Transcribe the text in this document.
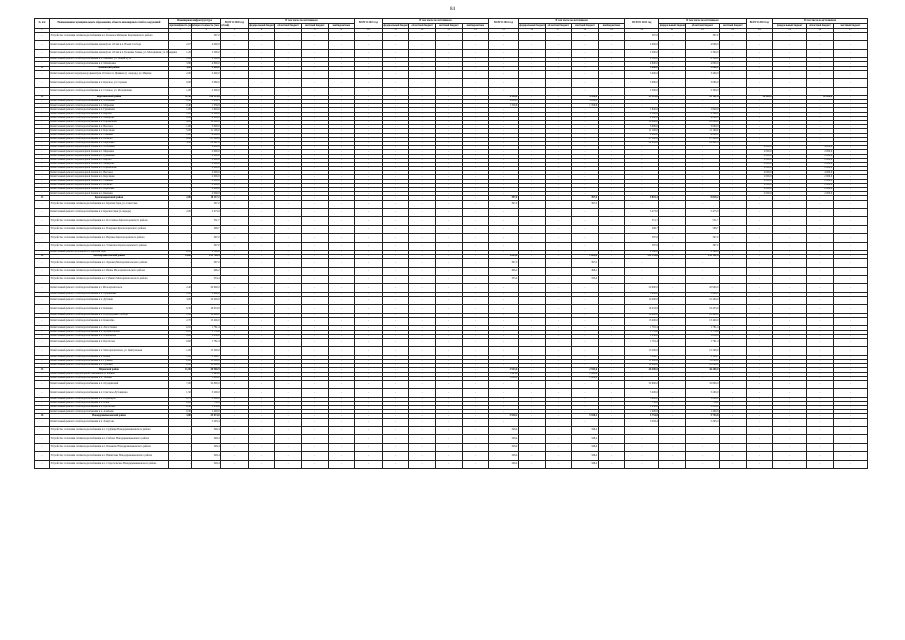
84
№ п/п	Наименование муниципального образования, объекта инженерных сетей и сооружений	Инженерная инфраструктура		ВСЕГО 2020 год	В том числе по источникам				ВСЕГО 2021 год	В том числе по источникам				ВСЕГО 2022 год	В том числе по источникам				ВСЕГО 2023 год	В том числе по источникам			ВСЕГО 2024 год	В том числе по источникам		
		протяжённость (км)	общая стоимость (тыс. рублей)		федеральный бюджет	областной бюджет	местный бюджет	внебюджетные		федеральный бюджет	областной бюджет	местный бюджет	внебюджетные		федеральный бюджет	областной бюджет	местный бюджет	внебюджетные		федеральный бюджет	областной бюджет	местный бюджет		федеральный бюджет	областной бюджет	местный бюджет
1	2	3	4	5	6	7	8	9	10	11	12	13	14	15	16	17	18	19	20	21	22	23	24	25	26	27
-	Устройство отопления сетями водоснабжения в п. Большое Матвеево Корсиковского района	-	397,0	-	-	-	-	-	-	-	-	-	-	-	-	-	-	-	397,0	-	397,0	-	-	-	-	-
-	Капитальный ремонт сетей водоснабжения диаметром 110 мм в п. Новая Слобода	2,07	4 000,0	-	-	-	-	-	-	-	-	-	-	-	-	-	-	-	4 000,0	-	4 000,0	-	-	-	-	-
-	Капитальный ремонт сетей водоснабжения диаметром 110 мм в п. Большие Хлевы, ул. Молодёжная, ул. Правдина	1,20	2 300,0	-	-	-	-	-	-	-	-	-	-	-	-	-	-	-	2 300,0	-	2 300,0	-	-	-	-	-
-	Капитальный ремонт сетей водоснабжения в п. Ливенка, ул. Новый путь	1,00	2 500,0	-	-	-	-	-	-	-	-	-	-	-	-	-	-	-	2 500,0	-	2 500,0	-	-	-	-	-
-	Капитальный ремонт сетей водоснабжения в п. Малиновка	3,80	4 800,0	-	-	-	-	-	-	-	-	-	-	-	-	-	-	-	4 800,0	-	4 800,0	-	-	-	-	-
11	Каменский район	3,00	9 080,0	-	-	-	-	-	-	-	-	-	-	-	-	-	-	-	9 080,0	-	9 080,0	-	-	-	-	-
-	Капитальный ремонт водопровода диаметром 110 мм в п. Привино (1 очередь), ул. Мирная	2,00	3 400,0	-	-	-	-	-	-	-	-	-	-	-	-	-	-	-	3 400,0	-	3 400,0	-	-	-	-	-
-	Капитальный ремонт сетей водоснабжения в п. Красное, ул. Садовая	0,00	3 080,0	-	-	-	-	-	-	-	-	-	-	-	-	-	-	-	3 080,0	-	3 080,0	-	-	-	-	-
-	Капитальный ремонт сетей водоснабжения в п. Степное, ул. Молодёжная	1,00	2 300,0	-	-	-	-	-	-	-	-	-	-	-	-	-	-	-	2 300,0	-	2 300,0	-	-	-	-	-
12	Корсаковский район	31,30	130 114,8	-	-	-	-	-	-	-	-	-	-	4 998,0	-	-	4 998,0	-	95 161,8	-	95 161,8	-	30 000,0	-	30 000,0	-
-	Капитальный ремонт сетей водоснабжения в п. Лобачёвка	0,40	3 638,3	-	-	-	-	-	-	-	-	-	-	3 638,3	-	-	3 638,3	-	-	-	-	-	-	-	-	-
-	Капитальный ремонт сетей водоснабжения в п. Марьевка	0,40	1 359,8	-	-	-	-	-	-	-	-	-	-	1 359,8	-	-	1 359,8	-	-	-	-	-	-	-	-	-
-	Капитальный ремонт сетей водоснабжения в п. Гремячево	1,00	1 820,0	-	-	-	-	-	-	-	-	-	-	-	-	-	-	-	1 820,0	-	1 820,0	-	-	-	-	-
-	Капитальный ремонт сетей водоснабжения в п. Кирово	1,00	2 100,0	-	-	-	-	-	-	-	-	-	-	-	-	-	-	-	2 100,0	-	2 100,0	-	-	-	-	-
-	Капитальный ремонт сетей водоснабжения в п. Макарово	2,00	4 000,0	-	-	-	-	-	-	-	-	-	-	-	-	-	-	-	4 000,0	-	4 000,0	-	-	-	-	-
-	Капитальный ремонт сетей водоснабжения в п. Парамоново	4,00	10 000,0	-	-	-	-	-	-	-	-	-	-	-	-	-	-	-	10 000,0	-	10 000,0	-	-	-	-	-
-	Капитальный ремонт сетей водоснабжения в п. Высокое	1,00	3 000,0	-	-	-	-	-	-	-	-	-	-	-	-	-	-	-	3 000,0	-	3 000,0	-	-	-	-	-
-	Капитальный ремонт сетей водоснабжения в п. Корсаково	5,00	11 100,0	-	-	-	-	-	-	-	-	-	-	-	-	-	-	-	11 100,0	-	11 100,0	-	-	-	-	-
-	Капитальный ремонт сетей водоснабжения в п. Савинки	2,00	4 000,0	-	-	-	-	-	-	-	-	-	-	-	-	-	-	-	4 000,0	-	4 000,0	-	-	-	-	-
-	Капитальный ремонт сетей водоснабжения в п. Бобково	6,00	27 200,0	-	-	-	-	-	-	-	-	-	-	-	-	-	-	-	27 200,0	-	27 200,0	-	-	-	-	-
-	Капитальный ремонт сетей водоснабжения в п. Берёзовка	3,00	22 941,8	-	-	-	-	-	-	-	-	-	-	-	-	-	-	-	22 941,8	-	22 941,8	-	-	-	-	-
-	Капитальный ремонт водонапорной башни в п. Лобачёвка	-	4 000,0	-	-	-	-	-	-	-	-	-	-	-	-	-	-	-	-	-	-	-	4 000,0	-	4 000,0	-
-	Капитальный ремонт водонапорной башни в п. Марьевка	-	2 000,0	-	-	-	-	-	-	-	-	-	-	-	-	-	-	-	-	-	-	-	2 000,0	-	2 000,0	-
-	Капитальный ремонт водонапорной башни в п. Гремячево	-	2 000,0	-	-	-	-	-	-	-	-	-	-	-	-	-	-	-	-	-	-	-	2 000,0	-	2 000,0	-
-	Капитальный ремонт водонапорной башни в п. Кирово	-	2 000,0	-	-	-	-	-	-	-	-	-	-	-	-	-	-	-	-	-	-	-	2 000,0	-	2 000,0	-
-	Капитальный ремонт водонапорной башни в п. Макарово	-	2 000,0	-	-	-	-	-	-	-	-	-	-	-	-	-	-	-	-	-	-	-	2 000,0	-	2 000,0	-
-	Капитальный ремонт водонапорной башни в п. Парамоново	-	2 000,0	-	-	-	-	-	-	-	-	-	-	-	-	-	-	-	-	-	-	-	2 000,0	-	2 000,0	-
-	Капитальный ремонт водонапорной башни в п. Высокое	-	4 000,0	-	-	-	-	-	-	-	-	-	-	-	-	-	-	-	-	-	-	-	4 000,0	-	4 000,0	-
-	Капитальный ремонт водонапорной башни в п. Корсаково	-	2 000,0	-	-	-	-	-	-	-	-	-	-	-	-	-	-	-	-	-	-	-	2 000,0	-	2 000,0	-
-	Капитальный ремонт водонапорной башни в п. Савинки	-	2 000,0	-	-	-	-	-	-	-	-	-	-	-	-	-	-	-	-	-	-	-	2 000,0	-	2 000,0	-
-	Капитальный ремонт водонапорной башни в п. Бобково	-	2 000,0	-	-	-	-	-	-	-	-	-	-	-	-	-	-	-	-	-	-	-	2 000,0	-	2 000,0	-
-	Капитальный ремонт водонапорной башни в п. Берёзовка	-	2 000,0	-	-	-	-	-	-	-	-	-	-	-	-	-	-	-	-	-	-	-	2 000,0	-	2 000,0	-
-	Капитальный ремонт водонапорной башни в п. Каменка	-	2 000,0	-	-	-	-	-	-	-	-	-	-	-	-	-	-	-	-	-	-	-	2 000,0	-	2 000,0	-
13	Краснозоренский район	2,00	10 117,2	-	-	-	-	-	-	-	-	-	-	397,0	-	-	397,0	-	9 819,2	-	9 819,2	-	-	-	-	-
-	Устройство отопления сетями водоснабжения в п. Красная Заря, ул. Советская	-	397,0	-	-	-	-	-	-	-	-	-	-	397,0	-	-	397,0	-	-	-	-	-	-	-	-	-
-	Капитальный ремонт сетей водоснабжения в п. Красная Заря (2 очередь)	2,00	5 473,0	-	-	-	-	-	-	-	-	-	-	-	-	-	-	-	5 473,0	-	5 473,0	-	-	-	-	-
-	Устройство отопления сетями водоснабжения в п. Россошное Краснозоренского района	-	551,7	-	-	-	-	-	-	-	-	-	-	-	-	-	-	-	551,7	-	551,7	-	-	-	-	-
-	Устройство отопления сетями водоснабжения в п. Покровка Краснозоренского района	-	598,7	-	-	-	-	-	-	-	-	-	-	-	-	-	-	-	598,7	-	598,7	-	-	-	-	-
-	Устройство отопления сетями водоснабжения в п. Верхнее Краснозоренского района	-	397,0	-	-	-	-	-	-	-	-	-	-	-	-	-	-	-	397,0	-	397,0	-	-	-	-	-
-	Устройство отопления сетями водоснабжения в п. Успенское Краснозоренского района	-	397,0	-	-	-	-	-	-	-	-	-	-	-	-	-	-	-	397,0	-	397,0	-	-	-	-	-
-	Капитальный ремонт котельной в п. Красная Заря	0,10	2 500,0	-	-	-	-	-	-	-	-	-	-	-	-	-	-	-	2 500,0	-	2 500,0	-	-	-	-	-
14	Малоархангельский район	34,60	133 768,4	-	-	-	-	-	-	-	-	-	-	1 623,0	-	-	1 623,0	-	132 141,8	-	132 141,8	-	-	-	-	-
-	Устройство отопления сетями водоснабжения в п. Луковец Малоархангельского района	-	397,0	-	-	-	-	-	-	-	-	-	-	397,0	-	-	397,0	-	-	-	-	-	-	-	-	-
-	Устройство отопления сетями водоснабжения в п. Ивань Малоархангельского района	-	496,2	-	-	-	-	-	-	-	-	-	-	496,2	-	-	496,2	-	-	-	-	-	-	-	-	-
-	Устройство отопления сетями водоснабжения в п. Губкино Малоархангельского района	-	333,4	-	-	-	-	-	-	-	-	-	-	333,4	-	-	333,4	-	-	-	-	-	-	-	-	-
-	Капитальный ремонт сетей водоснабжения в г. Малоархангельск	2,40	20 900,0	-	-	-	-	-	-	-	-	-	-	-	-	-	-	-	20 900,0	-	20 900,0	-	-	-	-	-
-	Капитальный ремонт сетей водоснабжения в п. Лукьяновка	1,00	3 900,0	-	-	-	-	-	-	-	-	-	-	-	-	-	-	-	3 900,0	-	3 900,0	-	-	-	-	-
-	Капитальный ремонт сетей водоснабжения в п. Дубовик	3,00	10 400,0	-	-	-	-	-	-	-	-	-	-	-	-	-	-	-	10 400,0	-	10 400,0	-	-	-	-	-
-	Капитальный ремонт сетей водоснабжения в п. Каменка	6,30	18 433,9	-	-	-	-	-	-	-	-	-	-	-	-	-	-	-	18 433,9	-	18 433,9	-	-	-	-	-
-	Капитальный ремонт сетей водоснабжения в п. Подгородняя Слобода	1,00	10 400,0	-	-	-	-	-	-	-	-	-	-	-	-	-	-	-	10 400,0	-	10 400,0	-	-	-	-	-
-	Капитальный ремонт сетей водоснабжения в п. Кошелёво	2,70	13 400,0	-	-	-	-	-	-	-	-	-	-	-	-	-	-	-	13 400,0	-	13 400,0	-	-	-	-	-
-	Капитальный ремонт сетей водоснабжения в п. Легостаевка	0,10	1 781,4	-	-	-	-	-	-	-	-	-	-	-	-	-	-	-	1 781,4	-	1 781,4	-	-	-	-	-
-	Капитальный ремонт сетей водоснабжения в п. Архангельское	0,10	1 770,0	-	-	-	-	-	-	-	-	-	-	-	-	-	-	-	1 770,0	-	1 770,0	-	-	-	-	-
-	Капитальный ремонт сетей водоснабжения в п. Ольховатка	0,20	1 850,0	-	-	-	-	-	-	-	-	-	-	-	-	-	-	-	1 850,0	-	1 850,0	-	-	-	-	-
-	Капитальный ремонт сетей водоснабжения в п. Протасово	0,60	1 781,4	-	-	-	-	-	-	-	-	-	-	-	-	-	-	-	1 781,4	-	1 781,4	-	-	-	-	-
-	Капитальный ремонт сетей водоснабжения в п. Малоархангельск, ул. Центральная	1,00	15 200,0	-	-	-	-	-	-	-	-	-	-	-	-	-	-	-	15 200,0	-	15 200,0	-	-	-	-	-
-	Капитальный ремонт сетей водоснабжения в п. Ивань	1,00	3 196,7	-	-	-	-	-	-	-	-	-	-	-	-	-	-	-	3 196,7	-	3 196,7	-	-	-	-	-
-	Капитальный ремонт сетей водоснабжения в п. Губкино	2,00	11 000,0	-	-	-	-	-	-	-	-	-	-	-	-	-	-	-	11 000,0	-	11 000,0	-	-	-	-	-
-	Капитальный ремонт сетей водоснабжения в п. Луковец	2,00	10 000,0	-	-	-	-	-	-	-	-	-	-	-	-	-	-	-	10 000,0	-	10 000,0	-	-	-	-	-
15	Мценский район	11,00	38 968,9	-	-	-	-	-	-	-	-	-	-	2 943,6	-	-	2 943,6	-	46 400,0	-	46 400,0	-	-	-	-	-
-	Капитальный ремонт водозаборной скважины в п. Бабино	-	1 943,6	-	-	-	-	-	-	-	-	-	-	1 943,6	-	-	1 943,6	-	-	-	-	-	-	-	-	-
-	Капитальный ремонт сетей водоснабжения в п. Тельчье	-	1 000,0	-	-	-	-	-	-	-	-	-	-	1 000,0	-	-	1 000,0	-	-	-	-	-	-	-	-	-
-	Капитальный ремонт сетей водоснабжения в п. Отрадинский	7,00	32 800,0	-	-	-	-	-	-	-	-	-	-	-	-	-	-	-	32 800,0	-	32 800,0	-	-	-	-	-
-	Капитальный ремонт сетей водоснабжения в п. Спасское-Лутовиново	1,50	3 200,0	-	-	-	-	-	-	-	-	-	-	-	-	-	-	-	3 200,0	-	3 200,0	-	-	-	-	-
-	Капитальный ремонт сетей водоснабжения в п. Подмокрое	0,75	3 000,0	-	-	-	-	-	-	-	-	-	-	-	-	-	-	-	3 000,0	-	3 000,0	-	-	-	-	-
-	Капитальный ремонт сетей водоснабжения в п. Воин	0,20	750,0	-	-	-	-	-	-	-	-	-	-	-	-	-	-	-	750,0	-	750,0	-	-	-	-	-
-	Капитальный ремонт сетей водоснабжения в п. Протасово	0,30	1 250,0	-	-	-	-	-	-	-	-	-	-	-	-	-	-	-	1 250,0	-	1 250,0	-	-	-	-	-
-	Капитальный ремонт сетей водоснабжения в п. Алябьево	0,30	1 400,0	-	-	-	-	-	-	-	-	-	-	-	-	-	-	-	1 400,0	-	1 400,0	-	-	-	-	-
16	Новодеревеньковский район	3,80	25 674,0	-	-	-	-	-	-	-	-	-	-	5 930,2	-	-	5 930,2	-	5 754,8	-	5 754,8	-	-	-	-	-
-	Капитальный ремонт сетей водоснабжения в п. Хомутово	-	5 293,4	-	-	-	-	-	-	-	-	-	-	-	-	-	-	-	5 293,4	-	5 293,4	-	-	-	-	-
-	Устройство отопления сетями водоснабжения в п. Судбищи Новодеревеньковского района	-	348,4	-	-	-	-	-	-	-	-	-	-	348,4	-	-	348,4	-	-	-	-	-	-	-	-	-
-	Устройство отопления сетями водоснабжения в п. Глебово Новодеревеньковского района	-	348,4	-	-	-	-	-	-	-	-	-	-	348,4	-	-	348,4	-	-	-	-	-	-	-	-	-
-	Устройство отопления сетями водоснабжения в п. Паньково Новодеревеньковского района	-	348,4	-	-	-	-	-	-	-	-	-	-	348,4	-	-	348,4	-	-	-	-	-	-	-	-	-
-	Устройство отопления сетями водоснабжения в п. Никитовка Новодеревеньковского района	-	348,4	-	-	-	-	-	-	-	-	-	-	348,4	-	-	348,4	-	-	-	-	-	-	-	-	-
-	Устройство отопления сетями водоснабжения в п. Старогольское Новодеревеньковского района	-	348,4	-	-	-	-	-	-	-	-	-	-	348,4	-	-	348,4	-	-	-	-	-	-	-	-	-
